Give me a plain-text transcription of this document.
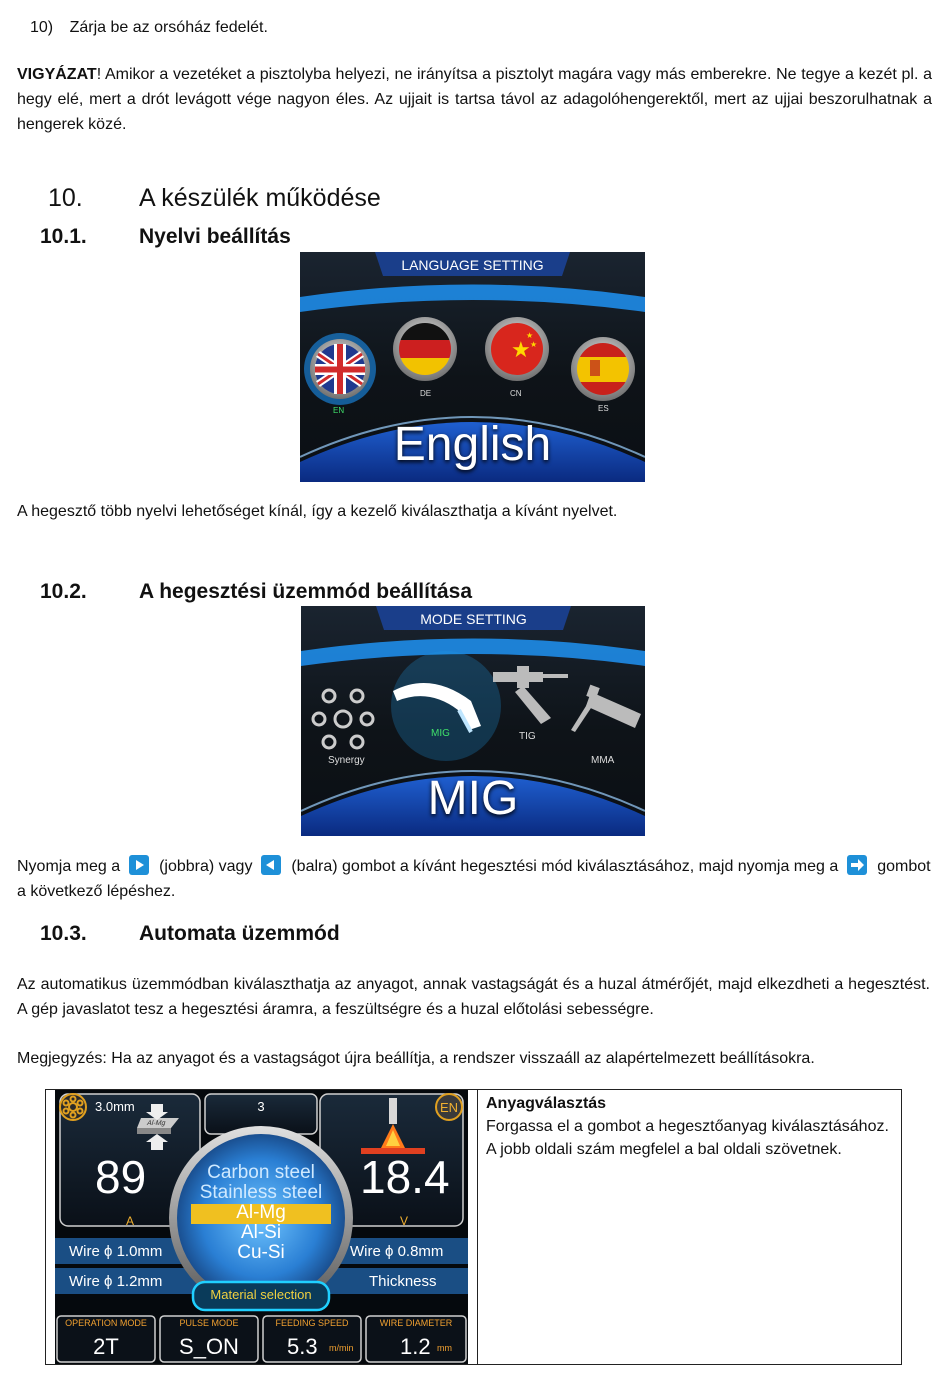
10) Zárja be az orsóház fedelét.
VIGYÁZAT! Amikor a vezetéket a pisztolyba helyezi, ne irányítsa a pisztolyt magára vagy más emberekre. Ne tegye a kezét pl. a hegy elé, mert a drót levágott vége nagyon éles. Az ujjait is tartsa távol az adagolóhengerektől, mert az ujjai beszorulhatnak a hengerek közé.
10. A készülék működése
10.1. Nyelvi beállítás
★
★
★
LANGUAGE SETTING
EN
DE	CN
ES
English
A hegesztő több nyelvi lehetőséget kínál, így a kezelő kiválaszthatja a kívánt nyelvet.
10.2. A hegesztési üzemmód beállítása
MODE SETTING
Synergy
MIG	TIG
MMA
MIG
Nyomja meg a (jobbra) vagy (balra) gombot a kívánt hegesztési mód kiválasztásához, majd nyomja meg a gombot a következő lépéshez.
10.3. Automata üzemmód
Az automatikus üzemmódban kiválaszthatja az anyagot, annak vastagságát és a huzal átmérőjét, majd elkezdheti a hegesztést. A gép javaslatot tesz a hegesztési áramra, a feszültségre és a huzal előtolási sebességre.
Megjegyzés: Ha az anyagot és a vastagságot újra beállítja, a rendszer visszaáll az alapértelmezett beállításokra.

Anyagválasztás
Forgassa el a gombot a hegesztőanyag kiválasztásához. A jobb oldali szám megfelel a bal oldali szövetnek.
3.0mm
Al-Mg
3	EN
89
A
18.4
V
Carbon steel
Stainless steel
Al-Mg
Al-Si
Cu-Si
Wire ϕ 1.0mm
Wire ϕ 1.2mm
Wire ϕ 0.8mm
Thickness
Material selection
OPERATION MODE
2T
PULSE MODE
S_ON
FEEDING SPEED
5.3 m/min
WIRE DIAMETER
1.2 mm
